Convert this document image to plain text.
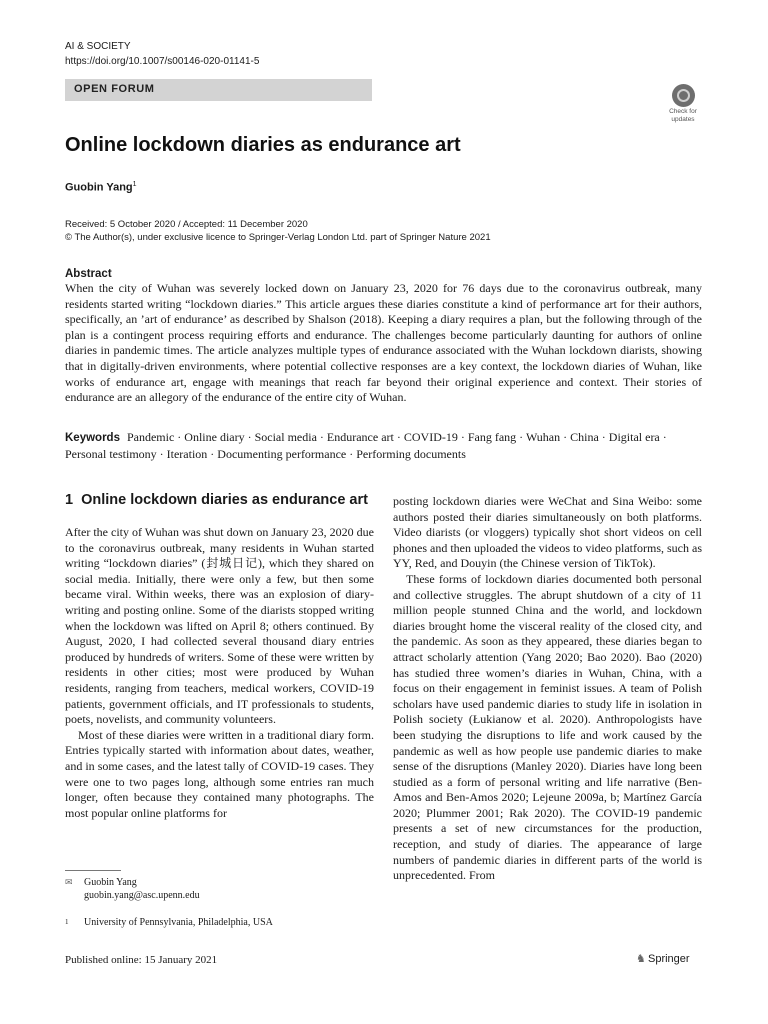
AI & SOCIETY
https://doi.org/10.1007/s00146-020-01141-5
OPEN FORUM
Check for
updates
Online lockdown diaries as endurance art
Guobin Yang$^1$
Received: 5 October 2020 / Accepted: 11 December 2020
© The Author(s), under exclusive licence to Springer-Verlag London Ltd. part of Springer Nature 2021
Abstract

When the city of Wuhan was severely locked down on January 23, 2020 for 76 days due to the coronavirus outbreak, many residents started writing “lockdown diaries.” This article argues these diaries constitute a kind of performance art for their authors, specifically, an ’art of endurance’ as described by Shalson (2018). Keeping a diary requires a plan, but the following through of the plan is a contingent process requiring efforts and endurance. The challenges become particularly daunting for authors of online diaries in pandemic times. The article analyzes multiple types of endurance associated with the Wuhan lockdown diarists, showing that in digitally-driven environments, where potential collective responses are a key context, the lockdown diaries of Wuhan, like works of endurance art, engage with meanings that reach far beyond their original experience and context. Their stories of endurance are an allegory of the endurance of the entire city of Wuhan.

Keywords Pandemic · Online diary · Social media · Endurance art · COVID-19 · Fang fang · Wuhan · China · Digital era · Personal testimony · Iteration · Documenting performance · Performing documents
1 Online lockdown diaries as endurance art

After the city of Wuhan was shut down on January 23, 2020 due to the coronavirus outbreak, many residents in Wuhan started writing “lockdown diaries” (封城日记), which they shared on social media. Initially, there were only a few, but then some became viral. Within weeks, there was an explosion of diary-writing and posting online. Some of the diarists stopped writing when the lockdown was lifted on April 8; others continued. By August, 2020, I had collected several thousand diary entries produced by hundreds of writers. Some of these were written by residents in other cities; most were produced by Wuhan residents, ranging from teachers, medical workers, COVID-19 patients, government officials, and IT professionals to students, poets, novelists, and community volunteers.

Most of these diaries were written in a traditional diary form. Entries typically started with information about dates, weather, and in some cases, and the latest tally of COVID-19 cases. They were one to two pages long, although some entries ran much longer, often because they contained many photographs. The most popular online platforms for

posting lockdown diaries were WeChat and Sina Weibo: some authors posted their diaries simultaneously on both platforms. Video diarists (or vloggers) typically shot short videos on cell phones and then uploaded the videos to video platforms, such as YY, Red, and Douyin (the Chinese version of TikTok).

These forms of lockdown diaries documented both personal and collective struggles. The abrupt shutdown of a city of 11 million people stunned China and the world, and lockdown diaries brought home the visceral reality of the closed city, and the pandemic. As soon as they appeared, these diaries began to attract scholarly attention (Yang 2020; Bao 2020). Bao (2020) has studied three women’s diaries in Wuhan, China, with a focus on their engagement in feminist issues. A team of Polish scholars have used pandemic diaries to study life in isolation in Polish society (Łukianow et al. 2020). Anthropologists have been studying the disruptions to life and work caused by the pandemic as well as how people use pandemic diaries to make sense of the disruptions (Manley 2020). Diaries have long been studied as a form of personal writing and life narrative (Ben-Amos and Ben-Amos 2020; Lejeune 2009a, b; Martínez García 2020; Plummer 2001; Rak 2020). The COVID-19 pandemic presents a set of new circumstances for the production, reception, and study of diaries. The appearance of large numbers of pandemic diaries in different parts of the world is unprecedented. From

✉ Guobin Yang
guobin.yang@asc.upenn.edu
$^1$ University of Pennsylvania, Philadelphia, USA
Published online: 15 January 2021	♞ Springer
